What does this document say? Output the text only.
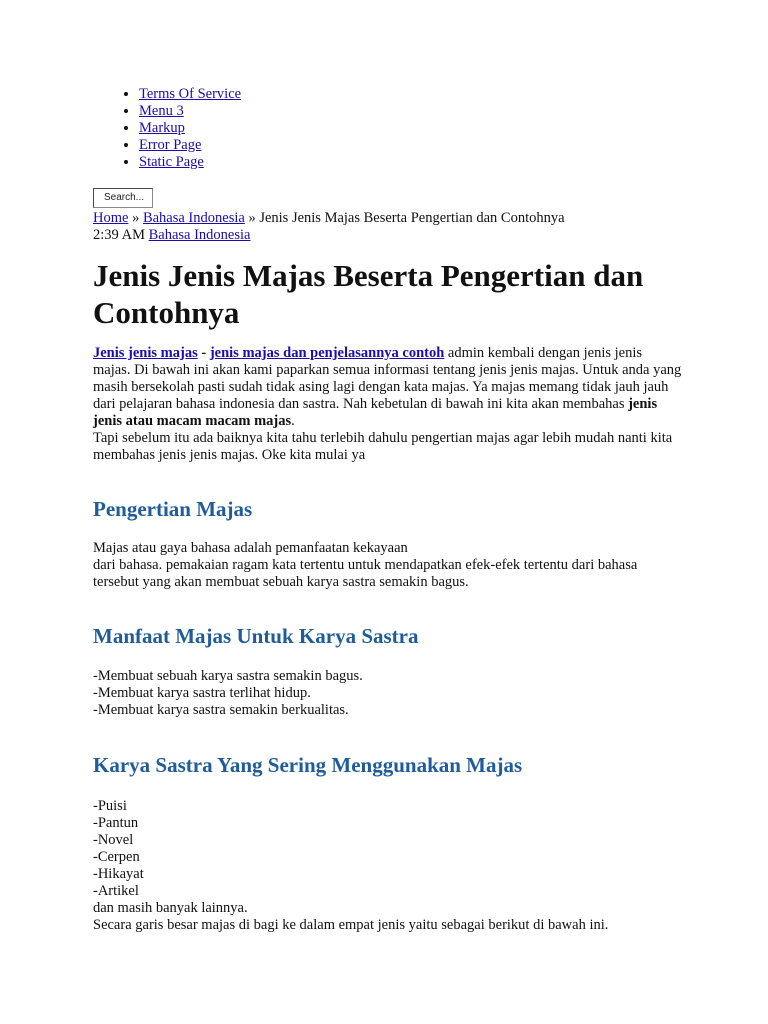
• Terms Of Service
• Menu 3
• Markup
• Error Page
• Static Page
Search...
Home » Bahasa Indonesia » Jenis Jenis Majas Beserta Pengertian dan Contohnya
2:39 AM Bahasa Indonesia
Jenis Jenis Majas Beserta Pengertian dan Contohnya

Jenis jenis majas - jenis majas dan penjelasannya contoh admin kembali dengan jenis jenis majas. Di bawah ini akan kami paparkan semua informasi tentang jenis jenis majas. Untuk anda yang masih bersekolah pasti sudah tidak asing lagi dengan kata majas. Ya majas memang tidak jauh jauh dari pelajaran bahasa indonesia dan sastra. Nah kebetulan di bawah ini kita akan membahas jenis jenis atau macam macam majas.
Tapi sebelum itu ada baiknya kita tahu terlebih dahulu pengertian majas agar lebih mudah nanti kita membahas jenis jenis majas. Oke kita mulai ya

Pengertian Majas

Majas atau gaya bahasa adalah pemanfaatan kekayaan
dari bahasa. pemakaian ragam kata tertentu untuk mendapatkan efek-efek tertentu dari bahasa tersebut yang akan membuat sebuah karya sastra semakin bagus.

Manfaat Majas Untuk Karya Sastra

-Membuat sebuah karya sastra semakin bagus.
-Membuat karya sastra terlihat hidup.
-Membuat karya sastra semakin berkualitas.

Karya Sastra Yang Sering Menggunakan Majas

-Puisi
-Pantun
-Novel
-Cerpen
-Hikayat
-Artikel
dan masih banyak lainnya.
Secara garis besar majas di bagi ke dalam empat jenis yaitu sebagai berikut di bawah ini.
